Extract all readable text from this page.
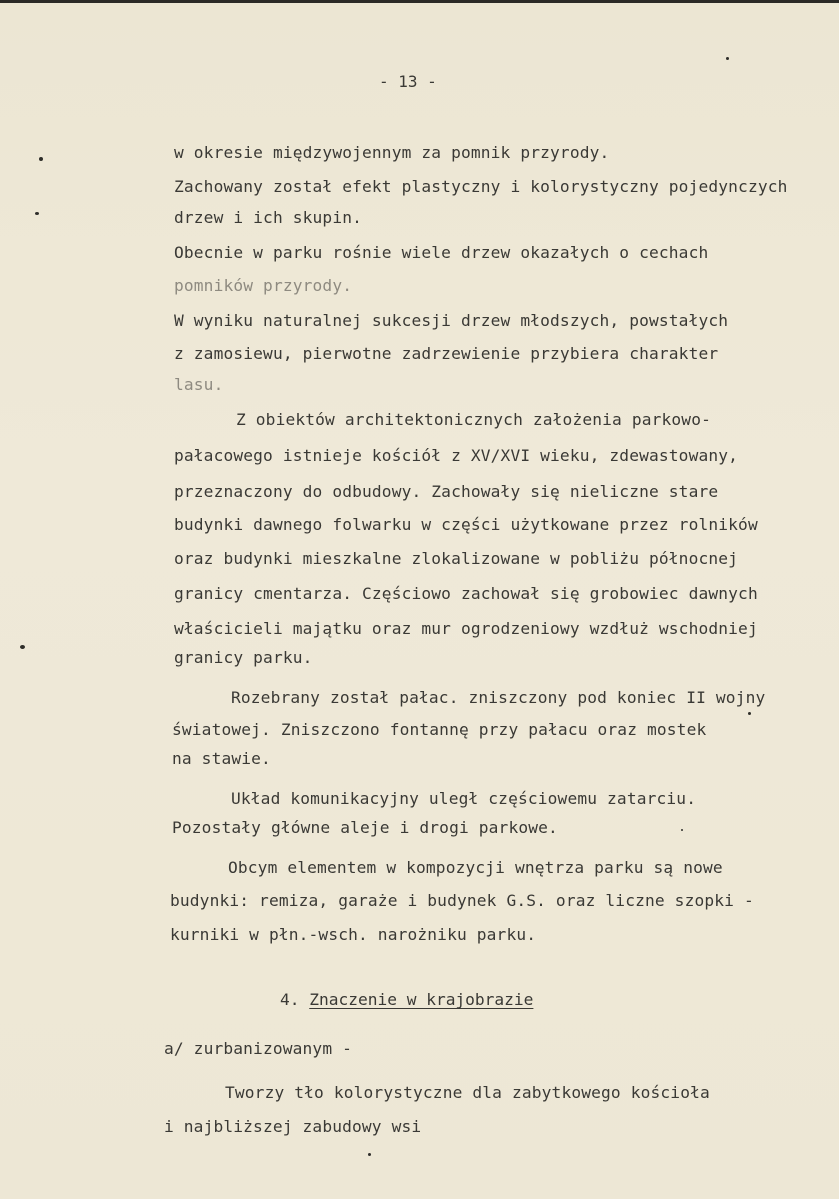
- 13 -
w okresie międzywojennym za pomnik przyrody.
Zachowany został efekt plastyczny i kolorystyczny pojedynczych
drzew i ich skupin.
Obecnie w parku rośnie wiele drzew okazałych o cechach
pomników przyrody.
W wyniku naturalnej sukcesji drzew młodszych, powstałych
z zamosiewu, pierwotne zadrzewienie przybiera charakter
lasu.
Z obiektów architektonicznych założenia parkowo-
pałacowego istnieje kościół z XV/XVI wieku, zdewastowany,
przeznaczony do odbudowy. Zachowały się nieliczne stare
budynki dawnego folwarku w części użytkowane przez rolników
oraz budynki mieszkalne zlokalizowane w pobliżu północnej
granicy cmentarza. Częściowo zachował się grobowiec dawnych
właścicieli majątku oraz mur ogrodzeniowy wzdłuż wschodniej
granicy parku.
Rozebrany został pałac. zniszczony pod koniec II wojny
światowej. Zniszczono fontannę przy pałacu oraz mostek
na stawie.
Układ komunikacyjny uległ częściowemu zatarciu.
Pozostały główne aleje i drogi parkowe.
Obcym elementem w kompozycji wnętrza parku są nowe
budynki: remiza, garaże i budynek G.S. oraz liczne szopki -
kurniki w płn.-wsch. narożniku parku.
4. Znaczenie w krajobrazie
a/ zurbanizowanym -
Tworzy tło kolorystyczne dla zabytkowego kościoła
i najbliższej zabudowy wsi
